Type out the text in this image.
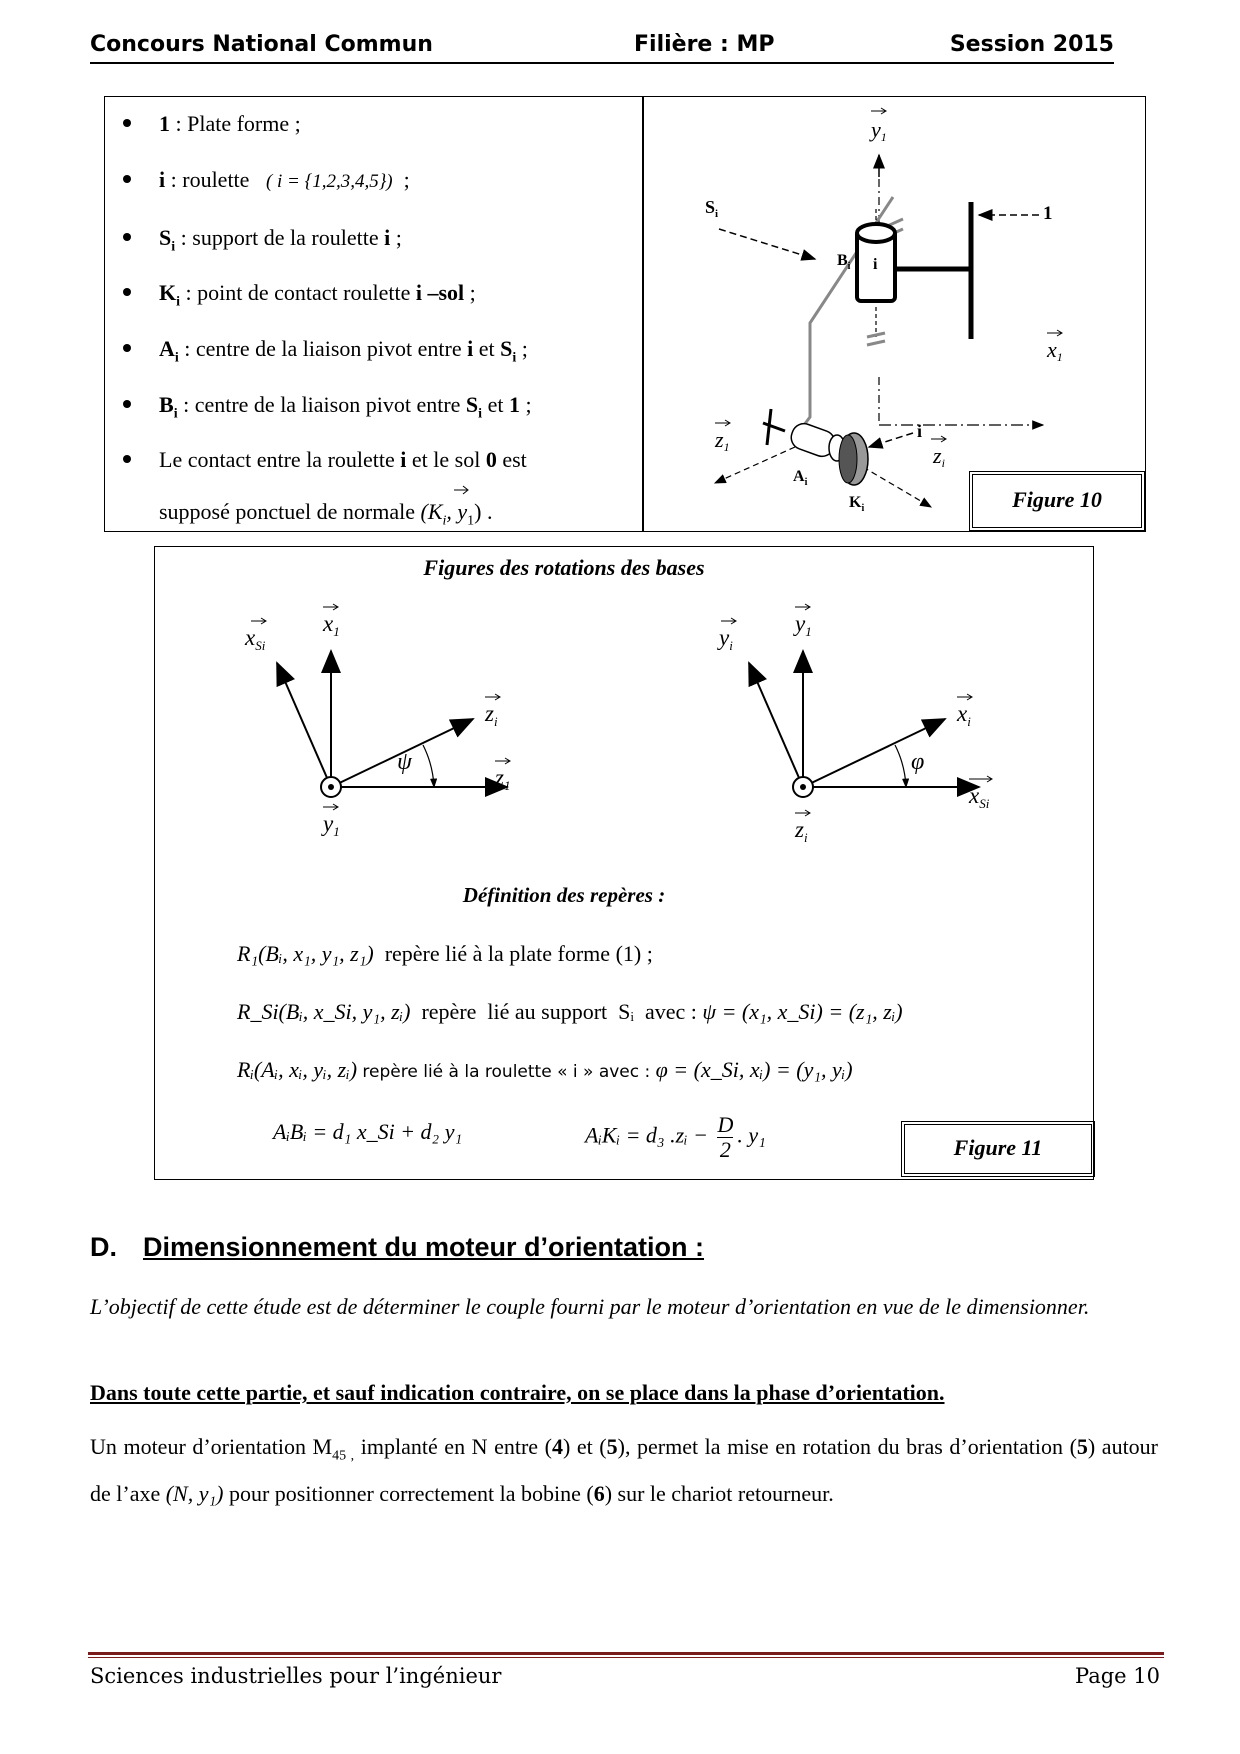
Concours National Commun	Filière : MP	Session 2015
1 : Plate forme ;
i : roulette   ( i = {1,2,3,4,5})  ;
$S_i$ : support de la roulette i ;
$K_i$ : point de contact roulette i –sol ;
$A_i$ : centre de la liaison pivot entre i et $S_i$ ;
$B_i$ : centre de la liaison pivot entre $S_i$ et 1 ;
Le contact entre la roulette i et le sol 0 est
supposé ponctuel de normale ($K_i$
, $y_1$) .
y1
x1
z1	zi
$S_i$
$B_i$ i
i
$A_i$
$K_i$
1
Figure 10
Figures des rotations des bases
ψ	φ
$x_{Si}$
$x_1$
$z_i$
$z_1$
$y_1$
$y_i$
$y_1$
$x_i$
$x_{Si}$
$z_i$
Définition des repères :
R₁(Bᵢ, x₁, y₁, z₁)  repère lié à la plate forme (1) ;
R_Si(Bᵢ, x_Si, y₁, zᵢ)  repère  lié au support  Sᵢ  avec : ψ = (x₁, x_Si) = (z₁, zᵢ)
Rᵢ(Aᵢ, xᵢ, yᵢ, zᵢ) repère lié à la roulette « i » avec : φ = (x_Si, xᵢ) = (y₁, yᵢ)
AᵢBᵢ = d₁ x_Si + d₂ y₁	AᵢKᵢ = d₃ .zᵢ − $\frac{D}{2}$ . y₁	Figure 11
D. Dimensionnement du moteur d’orientation :
L’objectif de cette étude est de déterminer le couple fourni par le moteur d’orientation en vue de le dimensionner.
Dans toute cette partie, et sauf indication contraire, on se place dans la phase d’orientation.
Un moteur d’orientation $M_{45 ,}$ implanté en N entre (4) et (5), permet la mise en rotation du bras d’orientation (5) autour de l’axe (N, y₁) pour positionner correctement la bobine (6) sur le chariot retourneur.
Sciences industrielles pour l’ingénieur	Page 10
